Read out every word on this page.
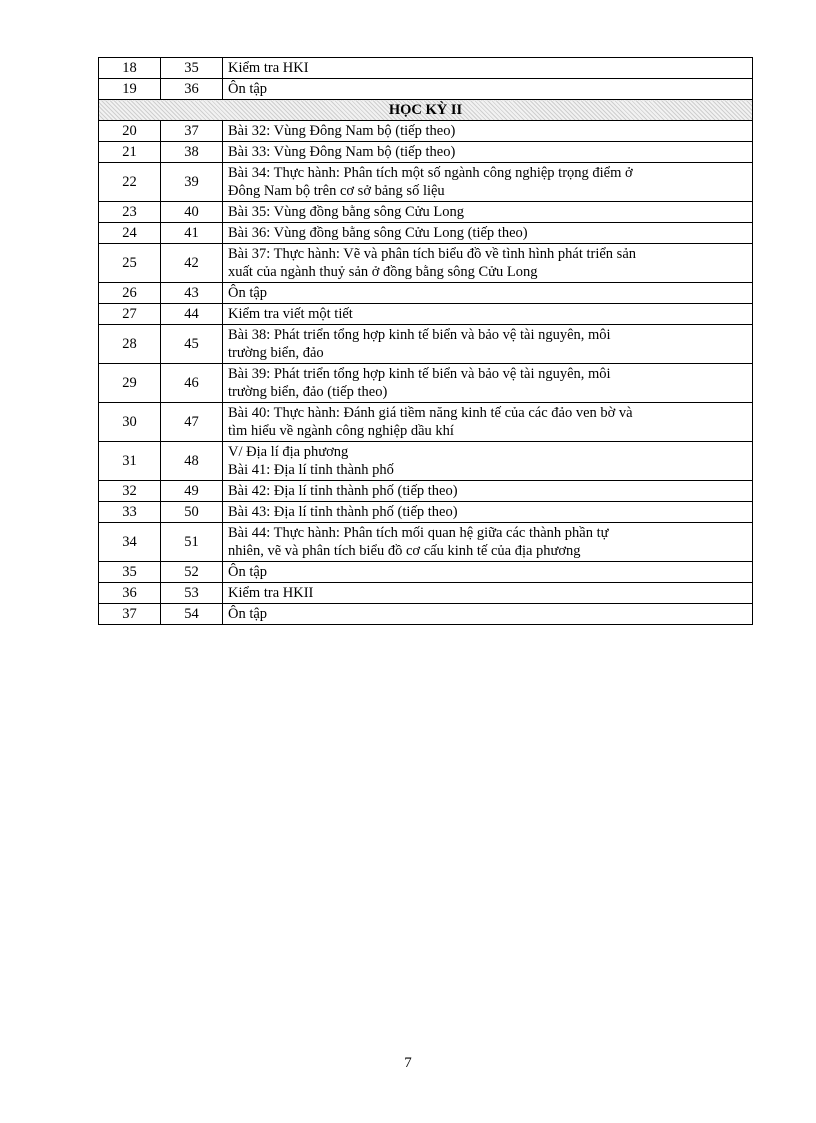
18	35	Kiểm tra HKI

19	36	Ôn tập

HỌC KỲ II		
20	37	Bài 32: Vùng Đông Nam bộ (tiếp theo)

21	38	Bài 33: Vùng Đông Nam bộ (tiếp theo)

22	39	Bài 34: Thực hành: Phân tích một số ngành công nghiệp trọng điểm ở
Đông Nam bộ trên cơ sở bảng số liệu

23	40	Bài 35: Vùng đồng bằng sông Cửu Long

24	41	Bài 36: Vùng đồng bằng sông Cửu Long (tiếp theo)

25	42	Bài 37: Thực hành: Vẽ và phân tích biểu đồ về tình hình phát triển sản
xuất của ngành thuỷ sản ở đồng bằng sông Cửu Long

26	43	Ôn tập

27	44	Kiểm tra viết một tiết

28	45	Bài 38: Phát triển tổng hợp kinh tế biển và bảo vệ tài nguyên, môi
trường biển, đảo

29	46	Bài 39: Phát triển tổng hợp kinh tế biển và bảo vệ tài nguyên, môi
trường biển, đảo (tiếp theo)

30	47	Bài 40: Thực hành: Đánh giá tiềm năng kinh tế của các đảo ven bờ và
tìm hiểu về ngành công nghiệp dầu khí

31	48	V/ Địa lí địa phương
Bài 41: Địa lí tỉnh thành phố

32	49	Bài 42: Địa lí tỉnh thành phố (tiếp theo)

33	50	Bài 43: Địa lí tỉnh thành phố (tiếp theo)

34	51	Bài 44: Thực hành: Phân tích mối quan hệ giữa các thành phần tự
nhiên, vẽ và phân tích biểu đồ cơ cấu kinh tế của địa phương

35	52	Ôn tập

36	53	Kiểm tra HKII

37	54	Ôn tập
7
